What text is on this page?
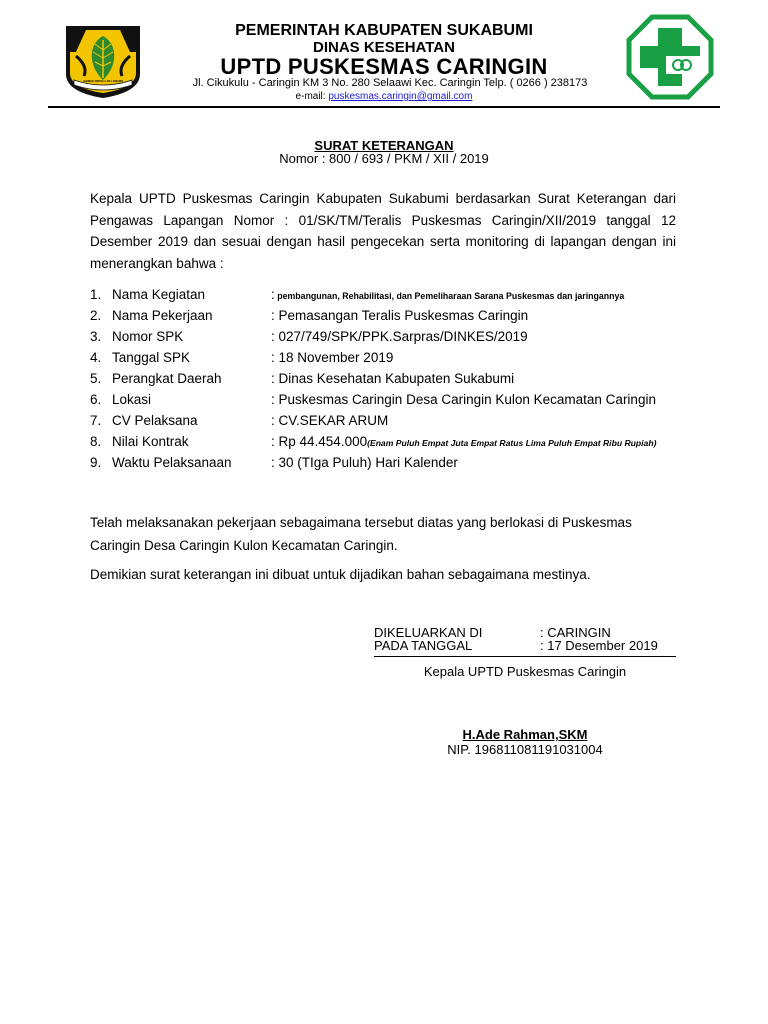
GEMAH RIPAH LOH JINAWI
PEMERINTAH KABUPATEN SUKABUMI
DINAS KESEHATAN
UPTD PUSKESMAS CARINGIN
Jl. Cikukulu - Caringin KM 3 No. 280 Selaawi Kec. Caringin Telp. ( 0266 ) 238173
e-mail: puskesmas.caringin@gmail.com
SURAT KETERANGAN
Nomor : 800 / 693 / PKM / XII / 2019
Kepala UPTD Puskesmas Caringin Kabupaten Sukabumi berdasarkan Surat Keterangan dari Pengawas Lapangan Nomor : 01/SK/TM/Teralis Puskesmas Caringin/XII/2019 tanggal 12 Desember 2019 dan sesuai dengan hasil pengecekan serta monitoring di lapangan dengan ini menerangkan bahwa :
1. Nama Kegiatan	: pembangunan, Rehabilitasi, dan Pemeliharaan Sarana Puskesmas dan jaringannya
2. Nama Pekerjaan	: Pemasangan Teralis Puskesmas Caringin
3. Nomor SPK	: 027/749/SPK/PPK.Sarpras/DINKES/2019
4. Tanggal SPK	: 18 November 2019
5. Perangkat Daerah	: Dinas Kesehatan Kabupaten Sukabumi
6. Lokasi	: Puskesmas Caringin Desa Caringin Kulon Kecamatan Caringin
7. CV Pelaksana	: CV.SEKAR ARUM
8. Nilai Kontrak	: Rp 44.454.000(Enam Puluh Empat Juta Empat Ratus Lima Puluh Empat Ribu Rupiah)
9. Waktu Pelaksanaan	: 30 (TIga Puluh) Hari Kalender
Telah melaksanakan pekerjaan sebagaimana tersebut diatas yang berlokasi di Puskesmas Caringin Desa Caringin Kulon Kecamatan Caringin.
Demikian surat keterangan ini dibuat untuk dijadikan bahan sebagaimana mestinya.
DIKELUARKAN DI	: CARINGIN
PADA TANGGAL	: 17 Desember 2019
Kepala UPTD Puskesmas Caringin
H.Ade Rahman,SKM
NIP. 196811081191031004
